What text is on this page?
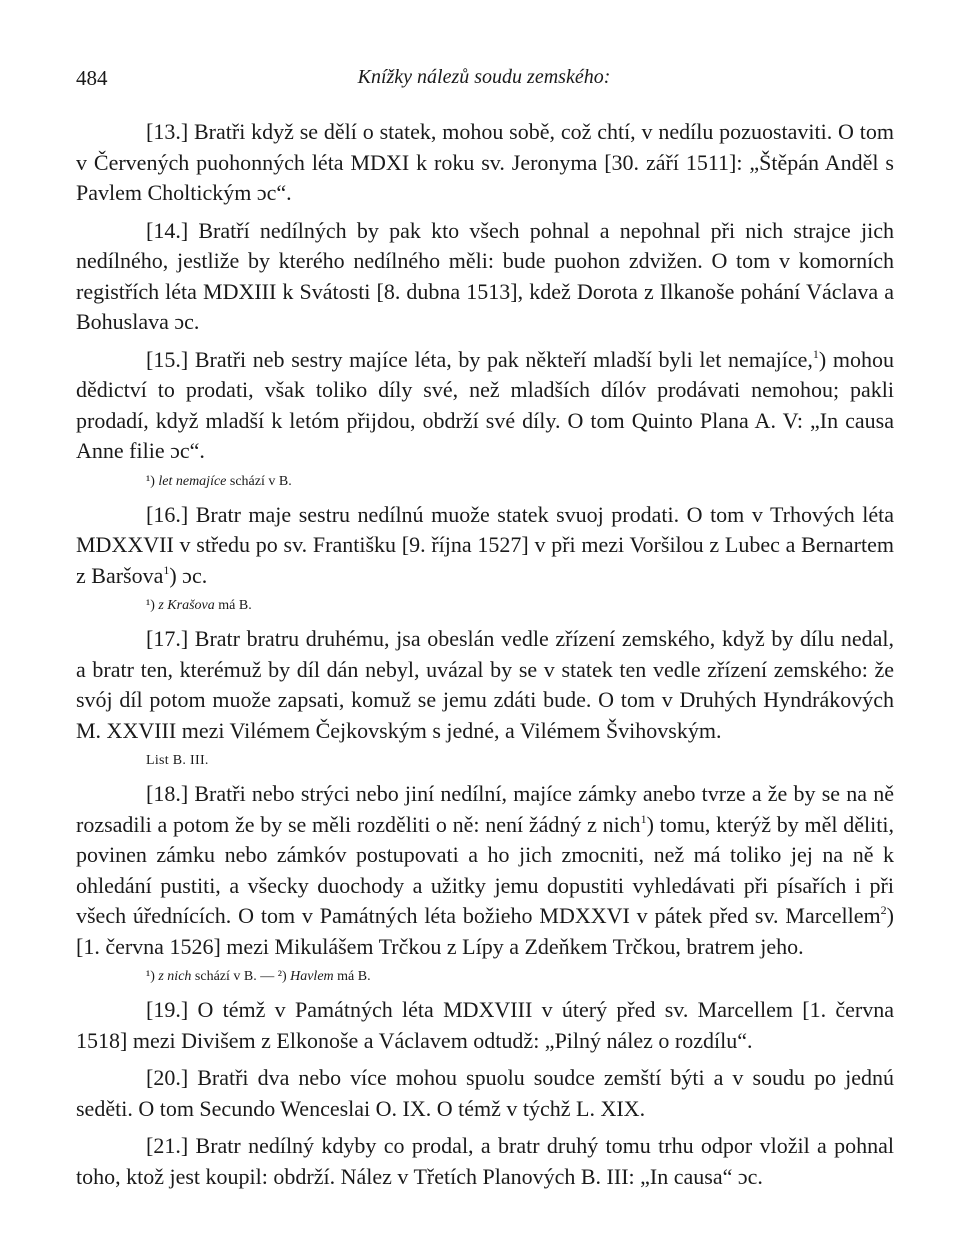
484	Knížky nálezů soudu zemského:

[13.] Bratři když se dělí o statek, mohou sobě, což chtí, v nedílu pozuostaviti. O tom v Červených puohonných léta MDXI k roku sv. Jeronyma [30. září 1511]: „Štěpán Anděl s Pavlem Choltickým ɔc“.

[14.] Bratří nedílných by pak kto všech pohnal a nepohnal při nich strajce jich nedílného, jestliže by kterého nedílného měli: bude puohon zdvižen. O tom v komorních registřích léta MDXIII k Svátosti [8. dubna 1513], kdež Dorota z Ilkanoše pohání Václava a Bohuslava ɔc.

[15.] Bratři neb sestry majíce léta, by pak někteří mladší byli let nemajíce,$^1$) mohou dědictví to prodati, však toliko díly své, než mladších dílóv prodávati nemohou; pakli prodadí, když mladší k letóm přijdou, obdrží své díly. O tom Quinto Plana A. V: „In causa Anne filie ɔc“.

¹) let nemajíce schází v B.

[16.] Bratr maje sestru nedílnú muože statek svuoj prodati. O tom v Trhových léta MDXXVII v středu po sv. Františku [9. října 1527] v při mezi Voršilou z Lubec a Bernartem z Baršova$^1$) ɔc.

¹) z Krašova má B.

[17.] Bratr bratru druhému, jsa obeslán vedle zřízení zemského, když by dílu nedal, a bratr ten, kterémuž by díl dán nebyl, uvázal by se v statek ten vedle zřízení zemského: že svój díl potom muože zapsati, komuž se jemu zdáti bude. O tom v Druhých Hyndrákových M. XXVIII mezi Vilémem Čejkovským s jedné, a Vilémem Švihovským.

List B. III.

[18.] Bratři nebo strýci nebo jiní nedílní, majíce zámky anebo tvrze a že by se na ně rozsadili a potom že by se měli rozděliti o ně: není žádný z nich$^1$) tomu, kterýž by měl děliti, povinen zámku nebo zámkóv postupovati a ho jich zmocniti, než má toliko jej na ně k ohledání pustiti, a všecky duochody a užitky jemu dopustiti vyhledávati při písařích i při všech úřednících. O tom v Památných léta božieho MDXXVI v pátek před sv. Marcellem$^2$) [1. června 1526] mezi Mikulášem Trčkou z Lípy a Zdeňkem Trčkou, bratrem jeho.

¹) z nich schází v B. — ²) Havlem má B.

[19.] O témž v Památných léta MDXVIII v úterý před sv. Marcellem [1. června 1518] mezi Divišem z Elkonoše a Václavem odtudž: „Pilný nález o rozdílu“.

[20.] Bratři dva nebo více mohou spuolu soudce zemští býti a v soudu po jednú seděti. O tom Secundo Wenceslai O. IX. O témž v týchž L. XIX.

[21.] Bratr nedílný kdyby co prodal, a bratr druhý tomu trhu odpor vložil a pohnal toho, ktož jest koupil: obdrží. Nález v Třetích Planových B. III: „In causa“ ɔc.
